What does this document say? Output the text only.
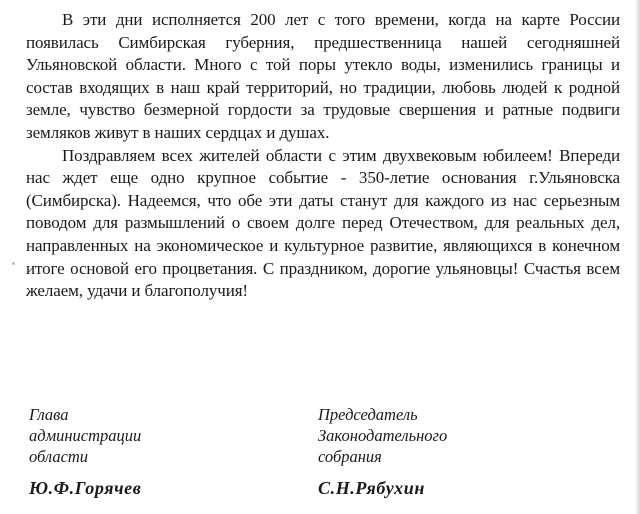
В эти дни исполняется 200 лет с того времени, когда на карте России появилась Симбирская губерния, предшественница нашей сегодняшней Ульяновской области. Много с той поры утекло воды, изменились границы и состав входящих в наш край территорий, но традиции, любовь людей к родной земле, чувство безмерной гордости за трудовые свершения и ратные подвиги земляков живут в наших сердцах и душах.

Поздравляем всех жителей области с этим двухвековым юбилеем! Впереди нас ждет еще одно крупное событие - 350-летие основания г.Ульяновска (Симбирска). Надеемся, что обе эти даты станут для каждого из нас серьезным поводом для размышлений о своем долге перед Отечеством, для реальных дел, направленных на экономическое и культурное развитие, являющихся в конечном итоге основой его процветания. С праздником, дорогие ульяновцы! Счастья всем желаем, удачи и благополучия!

Глава

администрации

области

Ю.Ф.Горячев

Председатель

Законодательного

собрания

С.Н.Рябухин
